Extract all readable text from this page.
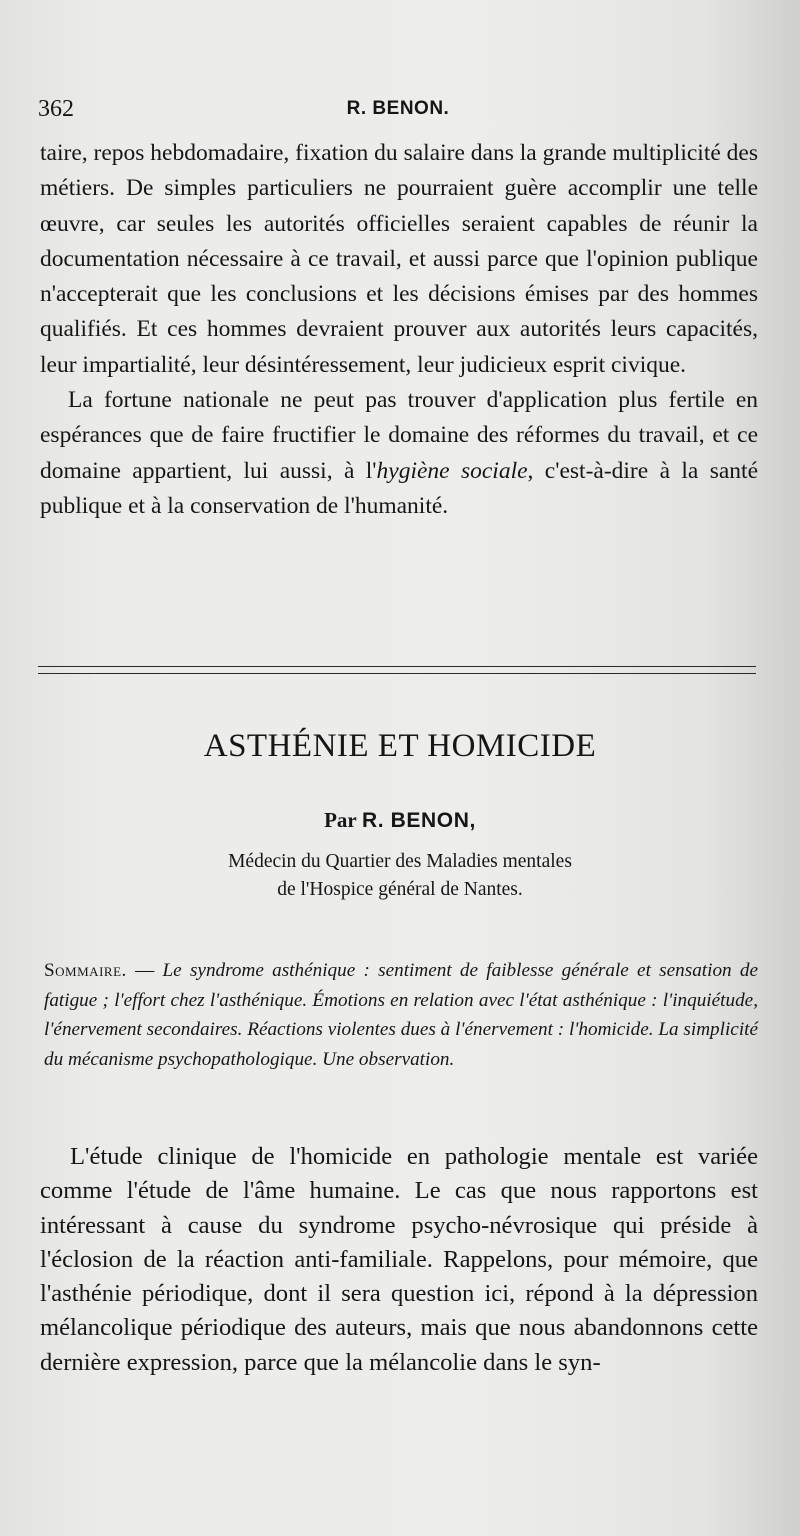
362	R. BENON.

taire, repos hebdomadaire, fixation du salaire dans la grande multiplicité des métiers. De simples particuliers ne pourraient guère accomplir une telle œuvre, car seules les autorités officielles seraient capables de réunir la documentation nécessaire à ce travail, et aussi parce que l'opinion publique n'accepterait que les conclusions et les décisions émises par des hommes qualifiés. Et ces hommes devraient prouver aux autorités leurs capacités, leur impartialité, leur désintéressement, leur judicieux esprit civique.

La fortune nationale ne peut pas trouver d'application plus fertile en espérances que de faire fructifier le domaine des réformes du travail, et ce domaine appartient, lui aussi, à l'hygiène sociale, c'est-à-dire à la santé publique et à la conservation de l'humanité.

ASTHÉNIE ET HOMICIDE
Par R. BENON,
Médecin du Quartier des Maladies mentales
de l'Hospice général de Nantes.

Sommaire. — Le syndrome asthénique : sentiment de faiblesse générale et sensation de fatigue ; l'effort chez l'asthénique. Émotions en relation avec l'état asthénique : l'inquiétude, l'énervement secondaires. Réactions violentes dues à l'énervement : l'homicide. La simplicité du mécanisme psychopathologique. Une observation.

L'étude clinique de l'homicide en pathologie mentale est variée comme l'étude de l'âme humaine. Le cas que nous rapportons est intéressant à cause du syndrome psycho-névrosique qui préside à l'éclosion de la réaction anti-familiale. Rappelons, pour mémoire, que l'asthénie périodique, dont il sera question ici, répond à la dépression mélancolique périodique des auteurs, mais que nous abandonnons cette dernière expression, parce que la mélancolie dans le syn-
